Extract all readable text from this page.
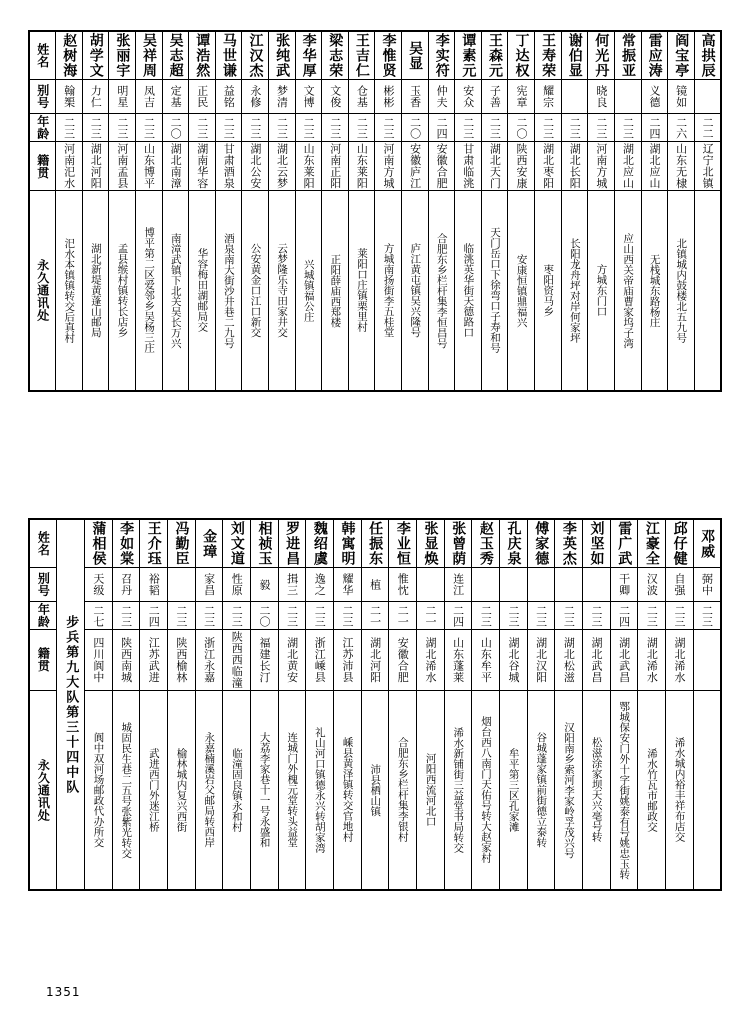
姓名	赵树海	胡学文	张丽宇	吴祥周	吴志超	谭浩然	马世谦	江汉杰	张纯武	李华厚	梁志荣	王吉仁	李惟贤	吴显	李实符	谭素元	王森元	丁达权	王寿荣	谢伯显	何光丹	常振亚	雷应涛	阎宝亭	高拱辰
别号	翰榘	力仁	明星	凤吉	定基	正民	益铭	永修	梦清	文博	文俊	仓基	彬彬	玉香	仲夫	安众	子善	宪章	耀宗		晓良		义德	镜如	
年龄	二三	二三	二三	二三	二〇	二三	二三	二三	二三	二三	二三	二三	二三	二〇	二四	二三	二三	二〇	二三	二三	二三	二三	二四	二六	二二
籍贯	河南汜水	湖北河阳	河南孟县	山东博平	湖北南漳	湖南华容	甘肃酒泉	湖北公安	湖北云梦	山东莱阳	河南正阳	山东莱阳	河南方城	安徽庐江	安徽合肥	甘肃临洮	湖北天门	陕西安康	湖北枣阳	湖北长阳	河南方城	湖北应山	湖北应山	山东无棣	辽宁北镇
永久通讯处	汜水本镇镇转交后真村	湖北新堤黄蓬山邮局	孟县缑村镇转长店乡	博平第二区爱邻乡吴杨三庄	南漳武镇下北关吴长万兴	华容梅田湖邮局交	酒泉南大街沙井巷二九号	公安黄金口江口新交	云梦隆乐寺田家井交	兴城镇福公庄	正阳薛庙西郑楼	莱阳口庄镇栗里村	方城南扬街李五桂堂	庐江黄屯镇吴兴隆号	合肥东乡栏杆集李恒昌号	临洮英华街天德路口	天门岳口下徐弯口子寿和号	安康恒镇鼎福兴	枣阳资马乡	长阳龙舟坪对岸何家坪	方城东门口	应山西关帝庙曹家坞子湾	无栈城东路杨庄	北镇城内鼓楼北五九号	
姓名	步兵第九大队第三十四中队	蒲相侯	李如棠	王介珏	冯勤臣	金璋	刘文道	相祯玉	罗进昌	魏绍虞	韩寓明	任振东	李业恒	张显焕	张曾荫	赵玉秀	孔庆泉	傅家德	李英杰	刘坚如	雷广武	江豪全	邱仔健	邓威
别号		天级	召丹	裕韬		家昌	性原	毅	揖三	逸之	耀华	植	惟忱		连江						干卿	汉波	自强	弼中
年龄		二七	二三	二四	二三	二三	二三	二〇	二三	二三	二三	二一	二一	二一	二四	二三	二三	二三	二三	二三	二四	二三	二三	二三
籍贯		四川阆中	陕西南城	江苏武进	陕西榆林	浙江永嘉	陕西西临潼	福建长汀	湖北黄安	浙江嵊县	江苏沛县	湖北河阳	安徽合肥	湖北浠水	山东蓬莱	山东牟平	湖北谷城	湖北汉阳	湖北松滋	湖北武昌	湖北武昌	湖北浠水	湖北浠水	
永久通讯处		阆中双河场邮政代办所交	城固民生巷二五号张紫光转交	武进西门外迷江桥	榆林城内复兴西街	永嘉楠溪岩父邮局转西岸	临潼固良镇永和村	大荔李家巷十一号永盛和	连城门外槐元堂转头益堂	礼山河口镇德永兴转胡家湾	嵊县黄泽镇转交官地村	沛县栖山镇	合肥东乡栏杆集李银村	河阳西流河北口	浠水新铺街三益堂书局转交	烟台西八南门天佑号转大赵家村	牟平第三区孔家滩	谷城蓬家镇前街德立泰转	汉阳南乡索河李家岭孚茂兴号	松滋涂家坝天兴亳号转	鄂城保安门外十字街姚泰有号姚忠玉转	浠水竹瓦市邮政交	浠水城内裕丰祥布店交	
1351
